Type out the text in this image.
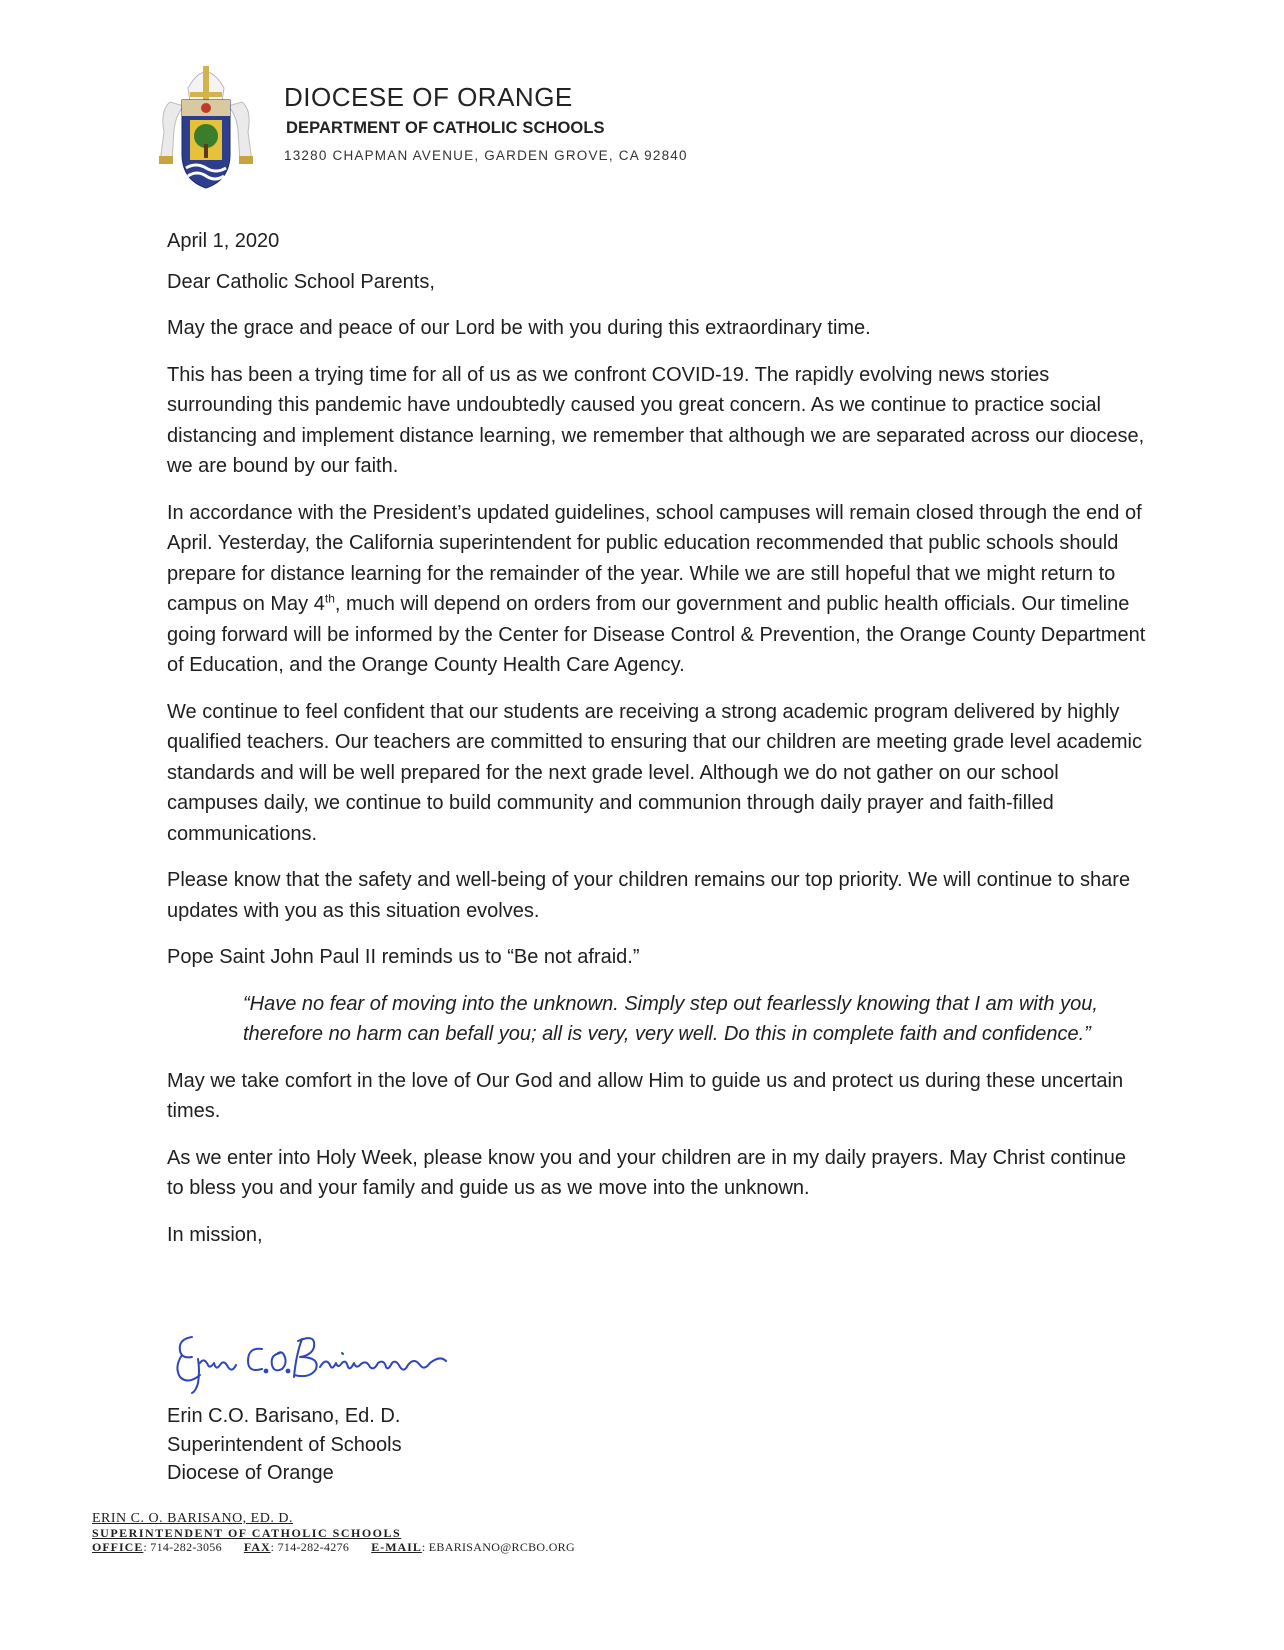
DIOCESE OF ORANGE
DEPARTMENT OF CATHOLIC SCHOOLS
13280 CHAPMAN AVENUE, GARDEN GROVE, CA 92840

April 1, 2020

Dear Catholic School Parents,

May the grace and peace of our Lord be with you during this extraordinary time.

This has been a trying time for all of us as we confront COVID-19. The rapidly evolving news stories surrounding this pandemic have undoubtedly caused you great concern. As we continue to practice social distancing and implement distance learning, we remember that although we are separated across our diocese, we are bound by our faith.

In accordance with the President’s updated guidelines, school campuses will remain closed through the end of April. Yesterday, the California superintendent for public education recommended that public schools should prepare for distance learning for the remainder of the year. While we are still hopeful that we might return to campus on May 4th, much will depend on orders from our government and public health officials. Our timeline going forward will be informed by the Center for Disease Control & Prevention, the Orange County Department of Education, and the Orange County Health Care Agency.

We continue to feel confident that our students are receiving a strong academic program delivered by highly qualified teachers. Our teachers are committed to ensuring that our children are meeting grade level academic standards and will be well prepared for the next grade level. Although we do not gather on our school campuses daily, we continue to build community and communion through daily prayer and faith-filled communications.

Please know that the safety and well-being of your children remains our top priority. We will continue to share updates with you as this situation evolves.

Pope Saint John Paul II reminds us to “Be not afraid.”

“Have no fear of moving into the unknown. Simply step out fearlessly knowing that I am with you, therefore no harm can befall you; all is very, very well. Do this in complete faith and confidence.”

May we take comfort in the love of Our God and allow Him to guide us and protect us during these uncertain times.

As we enter into Holy Week, please know you and your children are in my daily prayers. May Christ continue to bless you and your family and guide us as we move into the unknown.

In mission,

Erin C.O. Barisano, Ed. D.
Superintendent of Schools
Diocese of Orange
ERIN C. O. BARISANO, ED. D.
SUPERINTENDENT OF CATHOLIC SCHOOLS
OFFICE: 714-282-3056 FAX: 714-282-4276 E-MAIL: EBARISANO@RCBO.ORG
